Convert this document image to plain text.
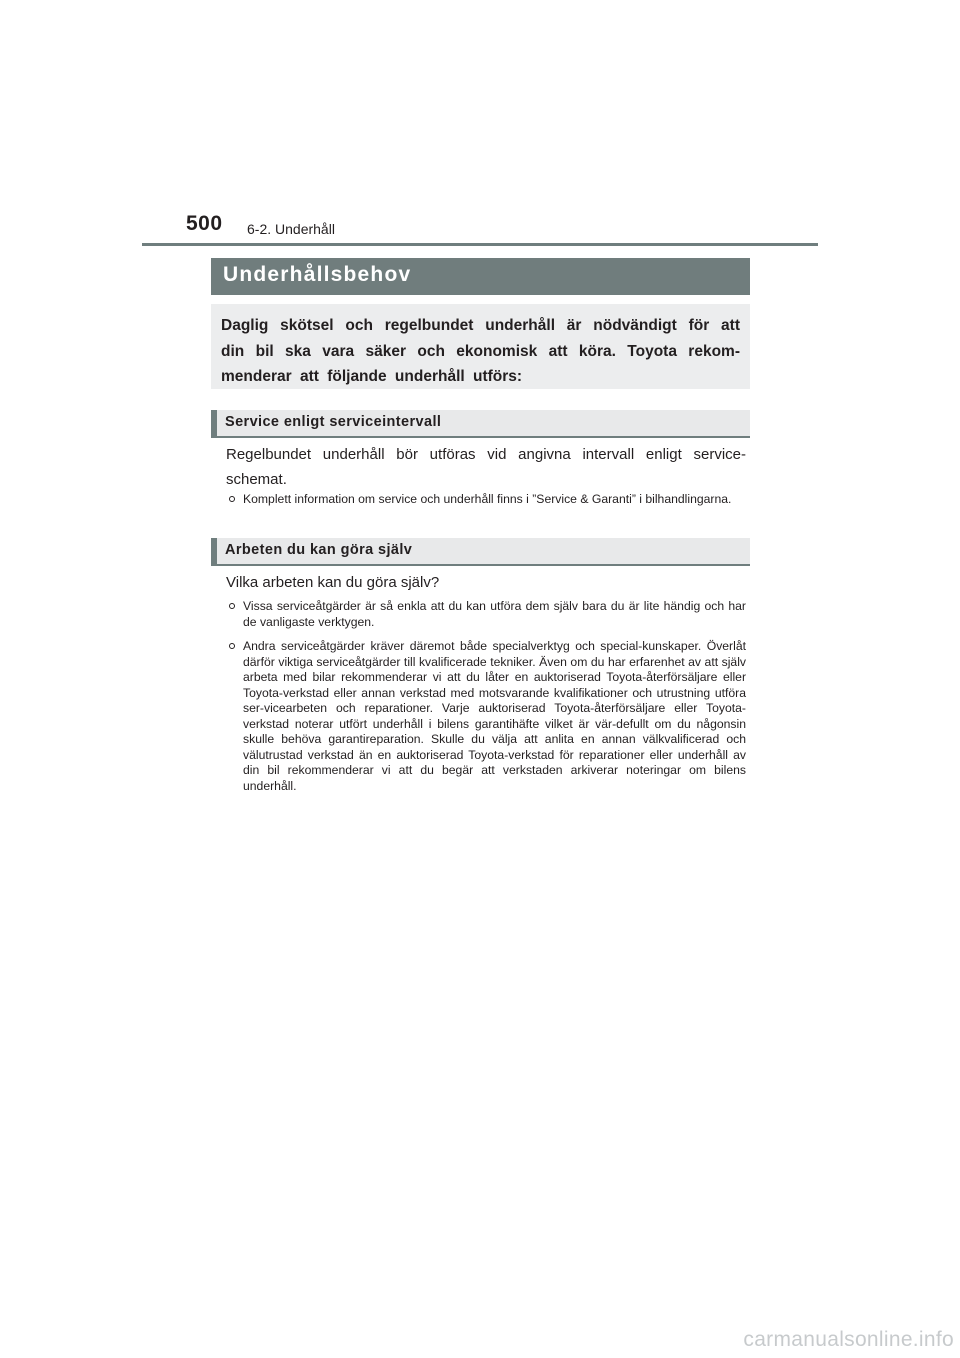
500 6-2. Underhåll
Underhållsbehov

Daglig skötsel och regelbundet underhåll är nödvändigt för att din bil ska vara säker och ekonomisk att köra. Toyota rekom-menderar att följande underhåll utförs:

Service enligt serviceintervall

Regelbundet underhåll bör utföras vid angivna intervall enligt service-schemat.

Komplett information om service och underhåll finns i ”Service & Garanti” i bilhandlingarna.

Arbeten du kan göra själv

Vilka arbeten kan du göra själv?

Vissa serviceåtgärder är så enkla att du kan utföra dem själv bara du är lite händig och har de vanligaste verktygen.

Andra serviceåtgärder kräver däremot både specialverktyg och special-kunskaper. Överlåt därför viktiga serviceåtgärder till kvalificerade tekniker. Även om du har erfarenhet av att själv arbeta med bilar rekommenderar vi att du låter en auktoriserad Toyota-återförsäljare eller Toyota-verkstad eller annan verkstad med motsvarande kvalifikationer och utrustning utföra ser-vicearbeten och reparationer. Varje auktoriserad Toyota-återförsäljare eller Toyota-verkstad noterar utfört underhåll i bilens garantihäfte vilket är vär-defullt om du någonsin skulle behöva garantireparation. Skulle du välja att anlita en annan välkvalificerad och välutrustad verkstad än en auktoriserad Toyota-verkstad för reparationer eller underhåll av din bil rekommenderar vi att du begär att verkstaden arkiverar noteringar om bilens underhåll.

carmanualsonline.info
